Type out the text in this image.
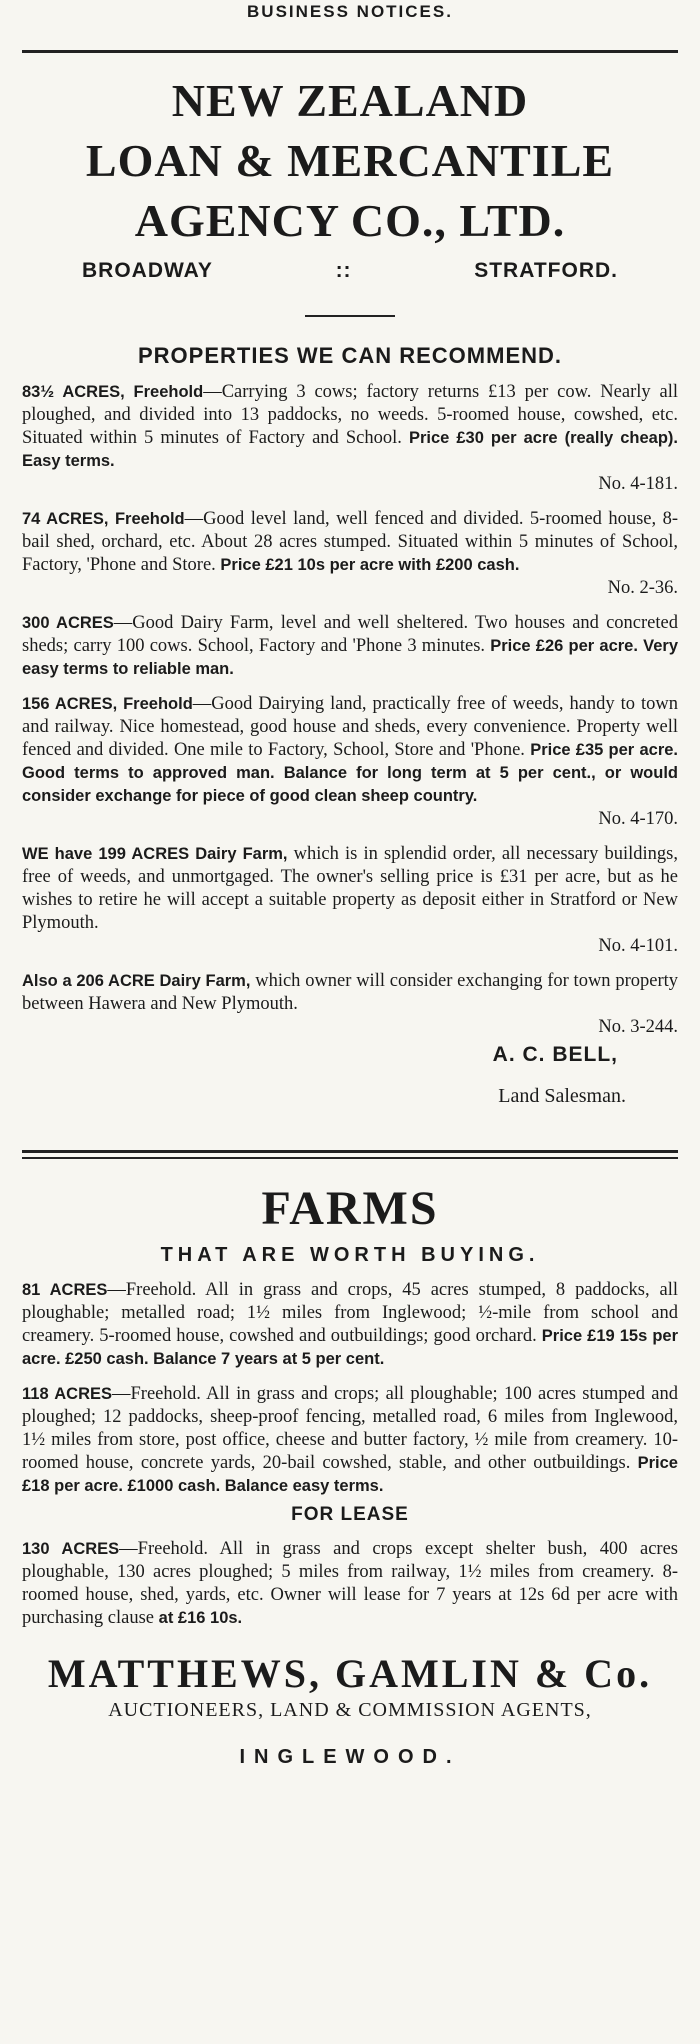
BUSINESS NOTICES.
NEW ZEALAND
LOAN & MERCANTILE
AGENCY CO., LTD.
BROADWAY	::	STRATFORD.
PROPERTIES WE CAN RECOMMEND.
83½ ACRES, Freehold—Carrying 3 cows; factory returns £13 per cow. Nearly all ploughed, and divided into 13 paddocks, no weeds. 5-roomed house, cowshed, etc. Situated within 5 minutes of Factory and School. Price £30 per acre (really cheap). Easy terms.
No. 4-181.
74 ACRES, Freehold—Good level land, well fenced and divided. 5-roomed house, 8-bail shed, orchard, etc. About 28 acres stumped. Situated within 5 minutes of School, Factory, 'Phone and Store. Price £21 10s per acre with £200 cash.
No. 2-36.
300 ACRES—Good Dairy Farm, level and well sheltered. Two houses and concreted sheds; carry 100 cows. School, Factory and 'Phone 3 minutes. Price £26 per acre. Very easy terms to reliable man.
156 ACRES, Freehold—Good Dairying land, practically free of weeds, handy to town and railway. Nice homestead, good house and sheds, every convenience. Property well fenced and divided. One mile to Factory, School, Store and 'Phone. Price £35 per acre. Good terms to approved man. Balance for long term at 5 per cent., or would consider exchange for piece of good clean sheep country.
No. 4-170.
WE have 199 ACRES Dairy Farm, which is in splendid order, all necessary buildings, free of weeds, and unmortgaged. The owner's selling price is £31 per acre, but as he wishes to retire he will accept a suitable property as deposit either in Stratford or New Plymouth.
No. 4-101.
Also a 206 ACRE Dairy Farm, which owner will consider exchanging for town property between Hawera and New Plymouth.
No. 3-244.
A. C. BELL,
Land Salesman.
FARMS
THAT ARE WORTH BUYING.
81 ACRES—Freehold. All in grass and crops, 45 acres stumped, 8 paddocks, all ploughable; metalled road; 1½ miles from Inglewood; ½-mile from school and creamery. 5-roomed house, cowshed and outbuildings; good orchard. Price £19 15s per acre. £250 cash. Balance 7 years at 5 per cent.
118 ACRES—Freehold. All in grass and crops; all ploughable; 100 acres stumped and ploughed; 12 paddocks, sheep-proof fencing, metalled road, 6 miles from Inglewood, 1½ miles from store, post office, cheese and butter factory, ½ mile from creamery. 10-roomed house, concrete yards, 20-bail cowshed, stable, and other outbuildings. Price £18 per acre. £1000 cash. Balance easy terms.
FOR LEASE
130 ACRES—Freehold. All in grass and crops except shelter bush, 400 acres ploughable, 130 acres ploughed; 5 miles from railway, 1½ miles from creamery. 8-roomed house, shed, yards, etc. Owner will lease for 7 years at 12s 6d per acre with purchasing clause at £16 10s.
MATTHEWS, GAMLIN & Co.
AUCTIONEERS, LAND & COMMISSION AGENTS,
INGLEWOOD.
